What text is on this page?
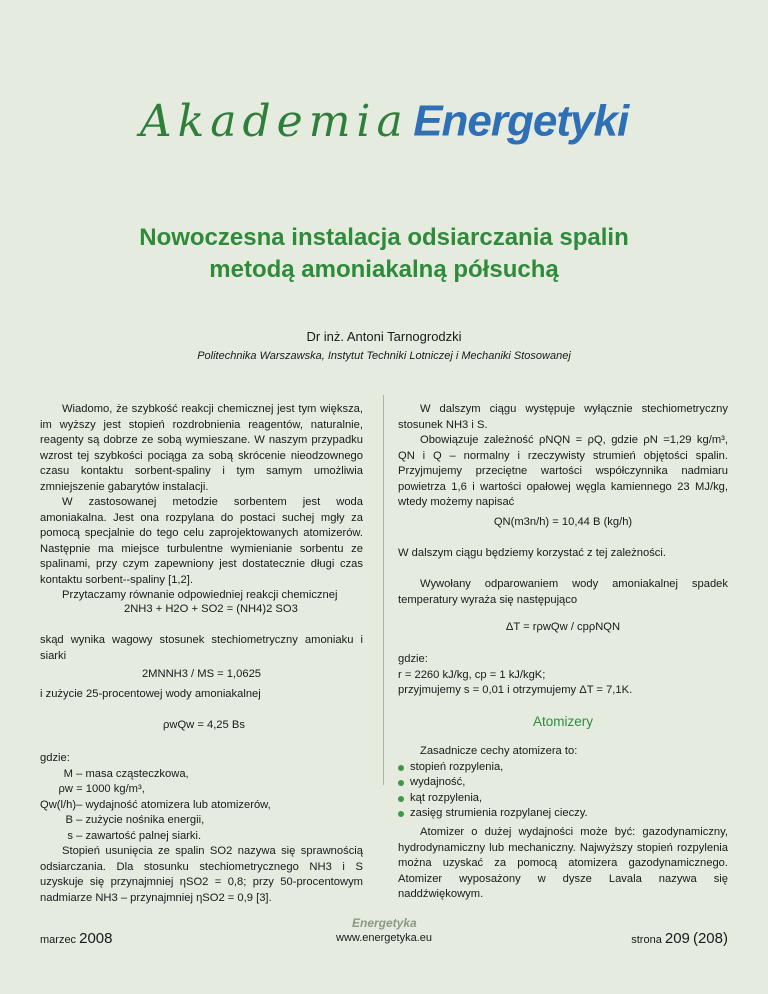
Akademia Energetyki
Nowoczesna instalacja odsiarczania spalin
metodą amoniakalną półsuchą
Dr inż. Antoni Tarnogrodzki
Politechnika Warszawska, Instytut Techniki Lotniczej i Mechaniki Stosowanej

Wiadomo, że szybkość reakcji chemicznej jest tym większa, im wyższy jest stopień rozdrobnienia reagentów, naturalnie, reagenty są dobrze ze sobą wymieszane. W naszym przypadku wzrost tej szybkości pociąga za sobą skrócenie nieodzownego czasu kontaktu sorbent-spaliny i tym samym umożliwia zmniejszenie gabarytów instalacji.

W zastosowanej metodzie sorbentem jest woda amoniakalna. Jest ona rozpylana do postaci suchej mgły za pomocą specjalnie do tego celu zaprojektowanych atomizerów. Następnie ma miejsce turbulentne wymienianie sorbentu ze spalinami, przy czym zapewniony jest dostatecznie długi czas kontaktu sorbent--spaliny [1,2].

Przytaczamy równanie odpowiedniej reakcji chemicznej

2NH3 + H2O + SO2 = (NH4)2 SO3

skąd wynika wagowy stosunek stechiometryczny amoniaku i siarki

2MNNH3 / MS = 1,0625

i zużycie 25-procentowej wody amoniakalnej

ρwQw = 4,25 Bs
gdzie:
M – masa cząsteczkowa,
ρw = 1000 kg/m³,
Qw(l/h) – wydajność atomizera lub atomizerów,
B – zużycie nośnika energii,
s – zawartość palnej siarki.

Stopień usunięcia ze spalin SO2 nazywa się sprawnością odsiarczania. Dla stosunku stechiometrycznego NH3 i S uzyskuje się przynajmniej ηSO2 = 0,8; przy 50-procentowym nadmiarze NH3 – przynajmniej ηSO2 = 0,9 [3].

W dalszym ciągu występuje wyłącznie stechiometryczny stosunek NH3 i S.

Obowiązuje zależność ρNQN = ρQ, gdzie ρN =1,29 kg/m³, QN i Q – normalny i rzeczywisty strumień objętości spalin. Przyjmujemy przeciętne wartości współczynnika nadmiaru powietrza 1,6 i wartości opałowej węgla kamiennego 23 MJ/kg, wtedy możemy napisać

QN(m3n/h) = 10,44 B (kg/h)

W dalszym ciągu będziemy korzystać z tej zależności.

Wywołany odparowaniem wody amoniakalnej spadek temperatury wyraża się następująco

ΔT = rρwQw / cpρNQN

gdzie:
r = 2260 kJ/kg, cp = 1 kJ/kgK;
przyjmujemy s = 0,01 i otrzymujemy ΔT = 7,1K.
Atomizery

Zasadnicze cechy atomizera to:

stopień rozpylenia,
wydajność,
kąt rozpylenia,
zasięg strumienia rozpylanej cieczy.

Atomizer o dużej wydajności może być: gazodynamiczny, hydrodynamiczny lub mechaniczny. Najwyższy stopień rozpylenia można uzyskać za pomocą atomizera gazodynamicznego. Atomizer wyposażony w dysze Lavala nazywa się naddźwiękowym.

marzec 2008
Energetyka
www.energetyka.eu	strona 209 (208)
